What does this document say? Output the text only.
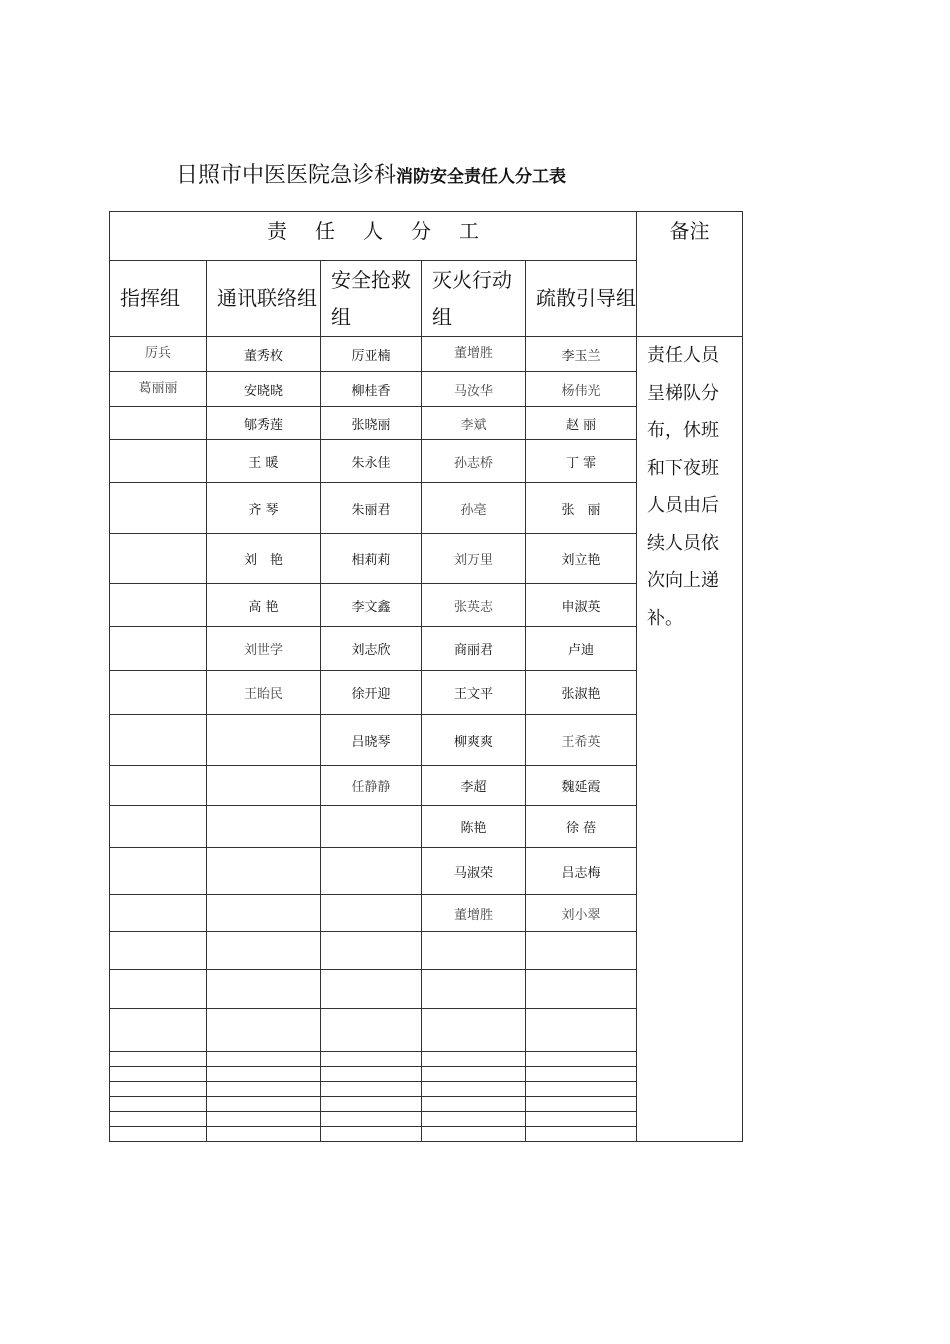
日照市中医医院急诊科消防安全责任人分工表
责任人分工					备注
指挥组	通讯联络组	安全抢救组	灭火行动组	疏散引导组	
厉兵	董秀枚	厉亚楠	董增胜	李玉兰	责任人员呈梯队分布，休班和下夜班人员由后续人员依次向上递补。
葛丽丽	安晓晓	柳桂香	马汝华	杨伟光	
	郇秀莲	张晓丽	李斌	赵 丽	
	王 暖	朱永佳	孙志桥	丁 霏	
	齐 琴	朱丽君	孙亳	张　丽	
	刘　艳	相莉莉	刘万里	刘立艳	
	高 艳	李文鑫	张英志	申淑英	
	刘世学	刘志欣	商丽君	卢迪	
	王眙民	徐开迎	王文平	张淑艳	
		吕晓琴	柳爽爽	王希英	
		任静静	李超	魏延霞	
			陈艳	徐 蓓	
			马淑荣	吕志梅	
			董增胜	刘小翠	
